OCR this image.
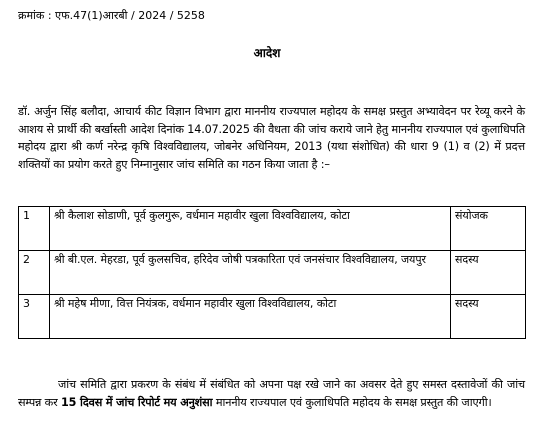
क्रमांक : एफ.47(1)आरबी / 2024 / 5258
आदेश
डॉ. अर्जुन सिंह बलौदा, आचार्य कीट विज्ञान विभाग द्वारा माननीय राज्यपाल महोदय के समक्ष प्रस्तुत अभ्यावेदन पर रेव्यू करने के आशय से प्रार्थी की बर्खास्ती आदेश दिनांक 14.07.2025 की वैधता की जांच कराये जाने हेतु माननीय राज्यपाल एवं कुलाधिपति महोदय द्वारा श्री कर्ण नरेन्द्र कृषि विश्वविद्यालय, जोबनेर अधिनियम, 2013 (यथा संशोधित) की धारा 9 (1) व (2) में प्रदत्त शक्तियों का प्रयोग करते हुए निम्नानुसार जांच समिति का गठन किया जाता है :–
1	श्री कैलाश सोडाणी, पूर्व कुलगुरू, वर्धमान महावीर खुला विश्वविद्यालय, कोटा	संयोजक
2	श्री बी.एल. मेहरडा, पूर्व कुलसचिव, हरिदेव जोषी पत्रकारिता एवं जनसंचार विश्वविद्यालय, जयपुर	सदस्य
3	श्री महेष मीणा, वित्त नियंत्रक, वर्धमान महावीर खुला विश्वविद्यालय, कोटा	सदस्य
जांच समिति द्वारा प्रकरण के संबंध में संबंधित को अपना पक्ष रखे जाने का अवसर देते हुए समस्त दस्तावेजों की जांच सम्पन्न कर 15 दिवस में जांच रिपोर्ट मय अनुशंसा माननीय राज्यपाल एवं कुलाधिपति महोदय के समक्ष प्रस्तुत की जाएगी।
